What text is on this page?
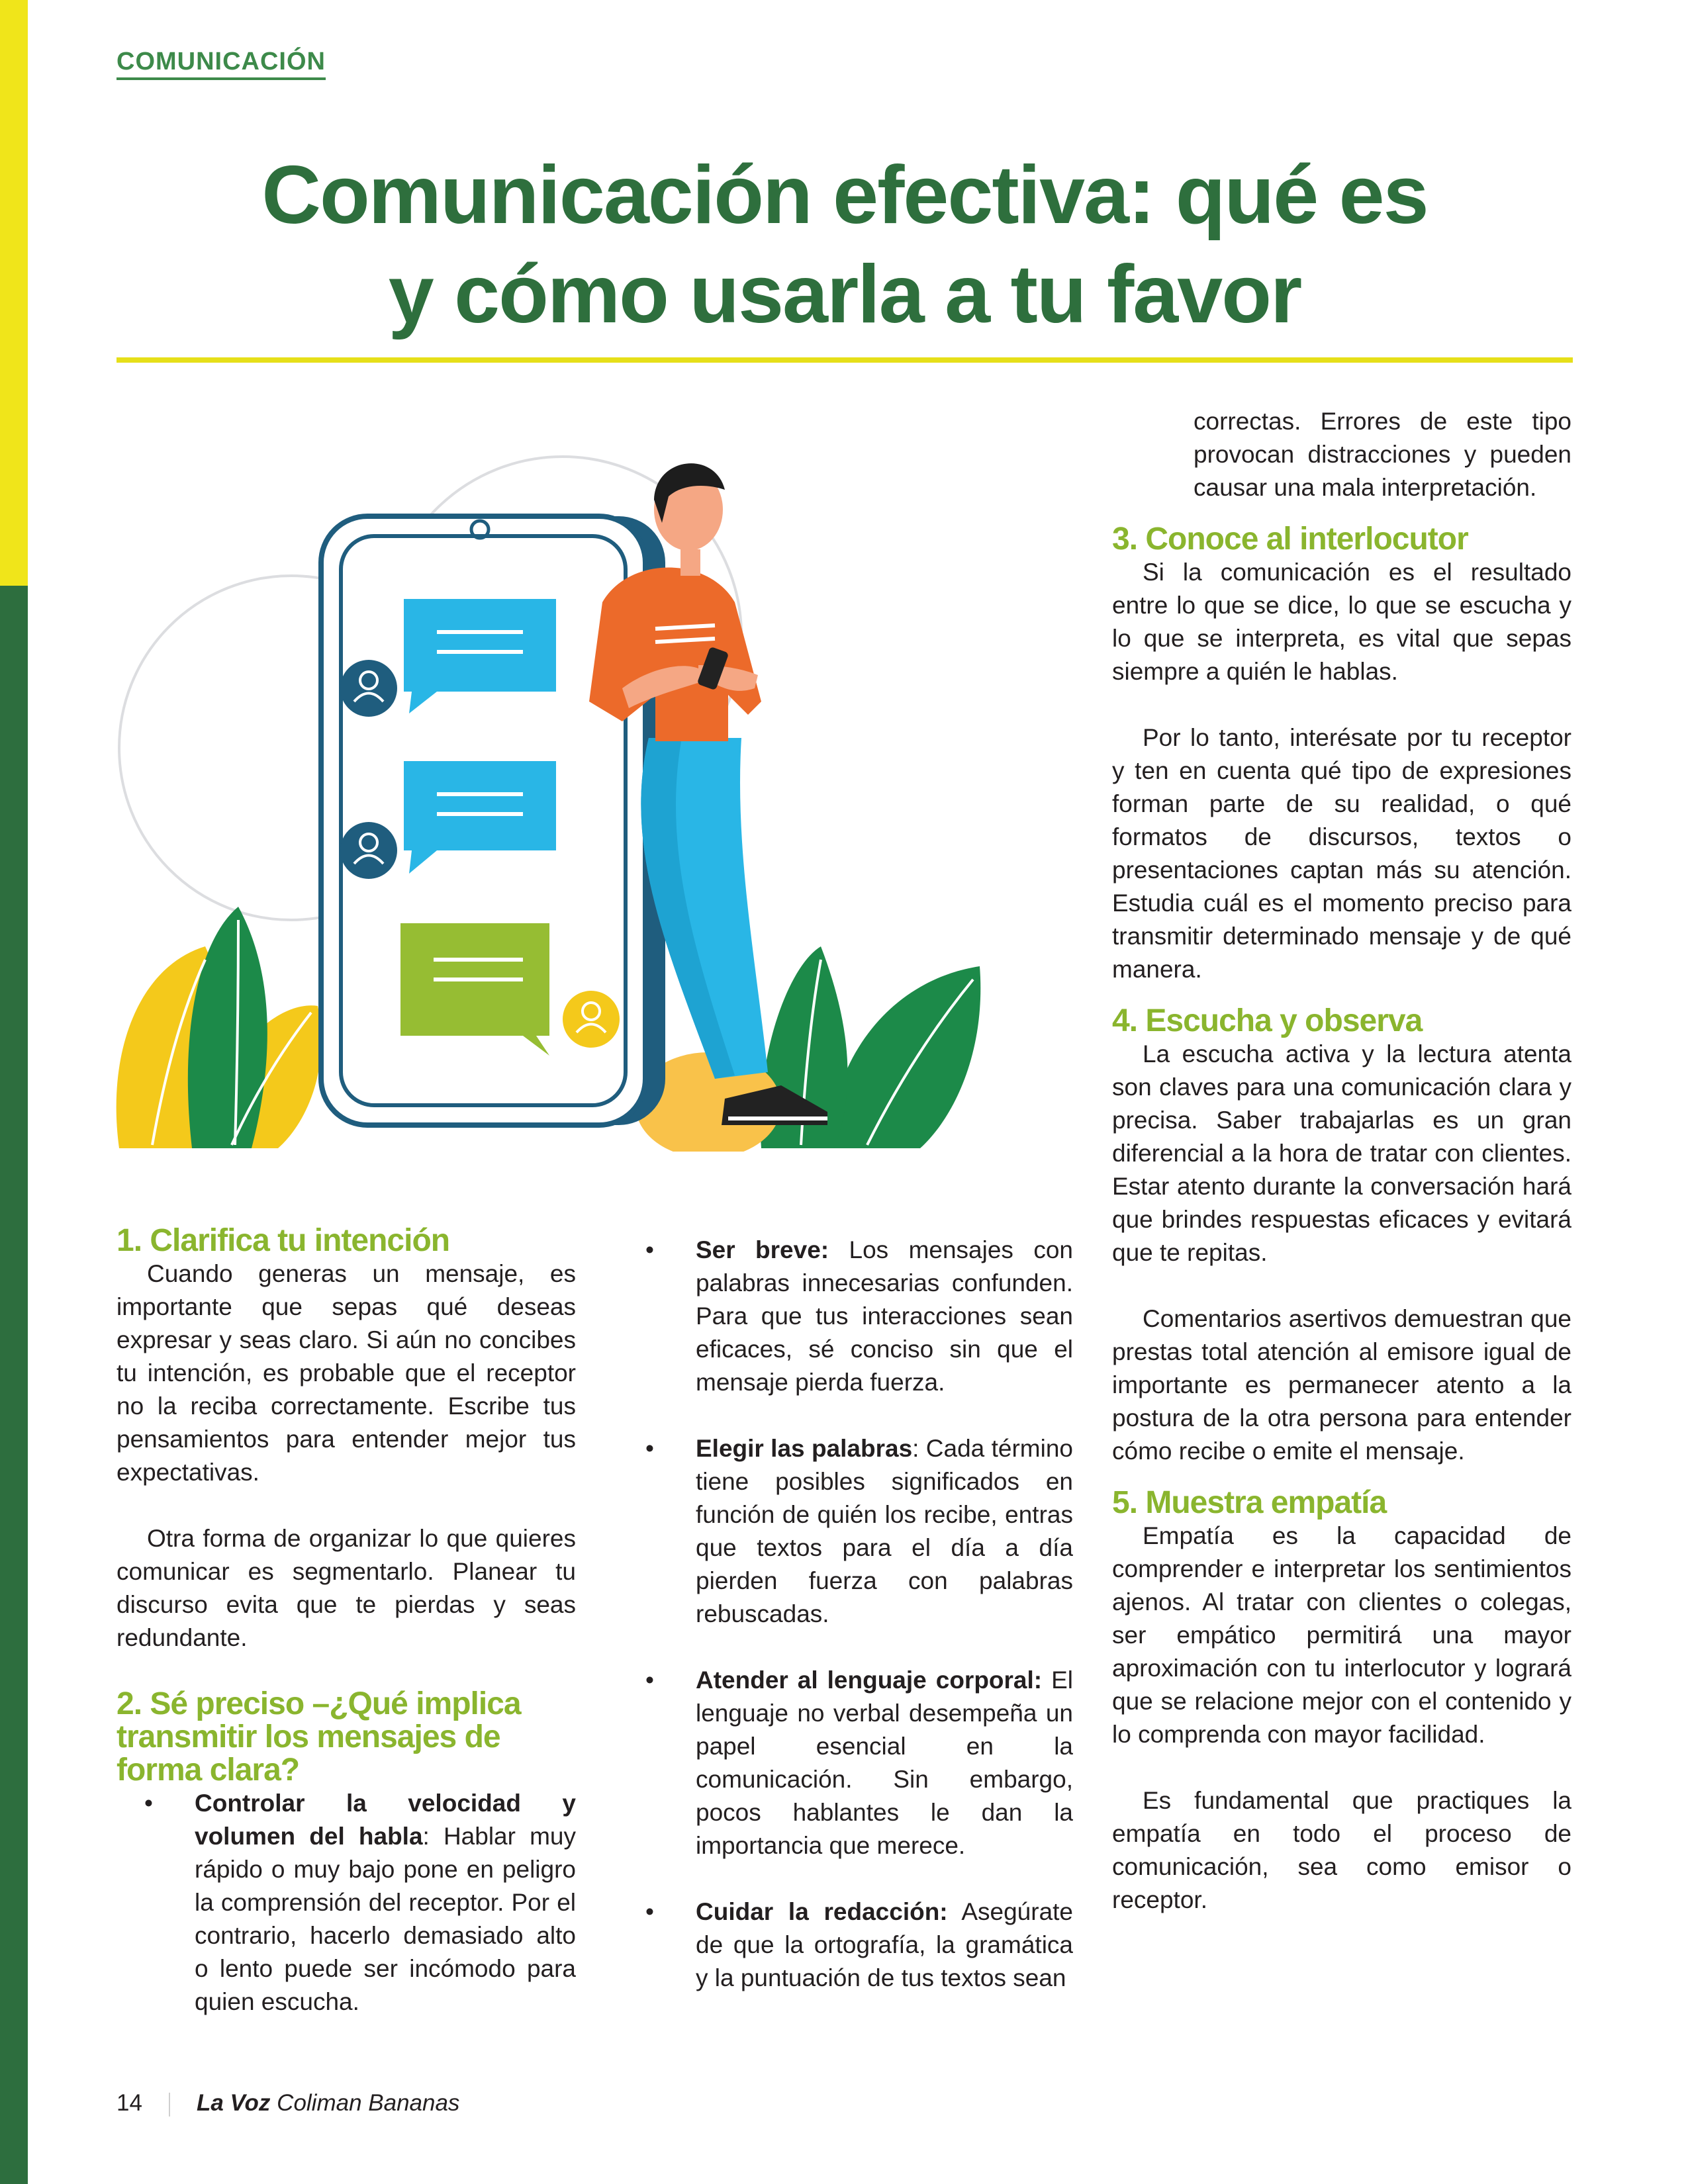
COMUNICACIÓN
Comunicación efectiva: qué es
y cómo usarla a tu favor
1. Clarifica tu intención

Cuando generas un mensaje, es importante que sepas qué deseas expresar y seas claro. Si aún no concibes tu intención, es probable que el receptor no la reciba correctamente. Escribe tus pensamientos para entender mejor tus expectativas.

Otra forma de organizar lo que quieres comunicar es segmentarlo. Planear tu discurso evita que te pierdas y seas redundante.

2. Sé preciso –¿Qué implica transmitir los mensajes de forma clara?
• Controlar la velocidad y volumen del habla: Hablar muy rápido o muy bajo pone en peligro la comprensión del receptor. Por el contrario, hacerlo demasiado alto o lento puede ser incómodo para quien escucha.
• Ser breve: Los mensajes con palabras innecesarias confunden. Para que tus interacciones sean eficaces, sé conciso sin que el mensaje pierda fuerza.
• Elegir las palabras: Cada término tiene posibles significados en función de quién los recibe, entras que textos para el día a día pierden fuerza con palabras rebuscadas.
• Atender al lenguaje corporal: El lenguaje no verbal desempeña un papel esencial en la comunicación. Sin embargo, pocos hablantes le dan la importancia que merece.
• Cuidar la redacción: Asegúrate de que la ortografía, la gramática y la puntuación de tus textos sean

correctas. Errores de este tipo provocan distracciones y pueden causar una mala interpretación.

3. Conoce al interlocutor

Si la comunicación es el resultado entre lo que se dice, lo que se escucha y lo que se interpreta, es vital que sepas siempre a quién le hablas.

Por lo tanto, interésate por tu receptor y ten en cuenta qué tipo de expresiones forman parte de su realidad, o qué formatos de discursos, textos o presentaciones captan más su atención. Estudia cuál es el momento preciso para transmitir determinado mensaje y de qué manera.

4. Escucha y observa

La escucha activa y la lectura atenta son claves para una comunicación clara y precisa. Saber trabajarlas es un gran diferencial a la hora de tratar con clientes. Estar atento durante la conversación hará que brindes respuestas eficaces y evitará que te repitas.

Comentarios asertivos demuestran que prestas total atención al emisore igual de importante es permanecer atento a la postura de la otra persona para entender cómo recibe o emite el mensaje.

5. Muestra empatía

Empatía es la capacidad de comprender e interpretar los sentimientos ajenos. Al tratar con clientes o colegas, ser empático permitirá una mayor aproximación con tu interlocutor y logrará que se relacione mejor con el contenido y lo comprenda con mayor facilidad.

Es fundamental que practiques la empatía en todo el proceso de comunicación, sea como emisor o receptor.

14 La Voz Coliman Bananas
